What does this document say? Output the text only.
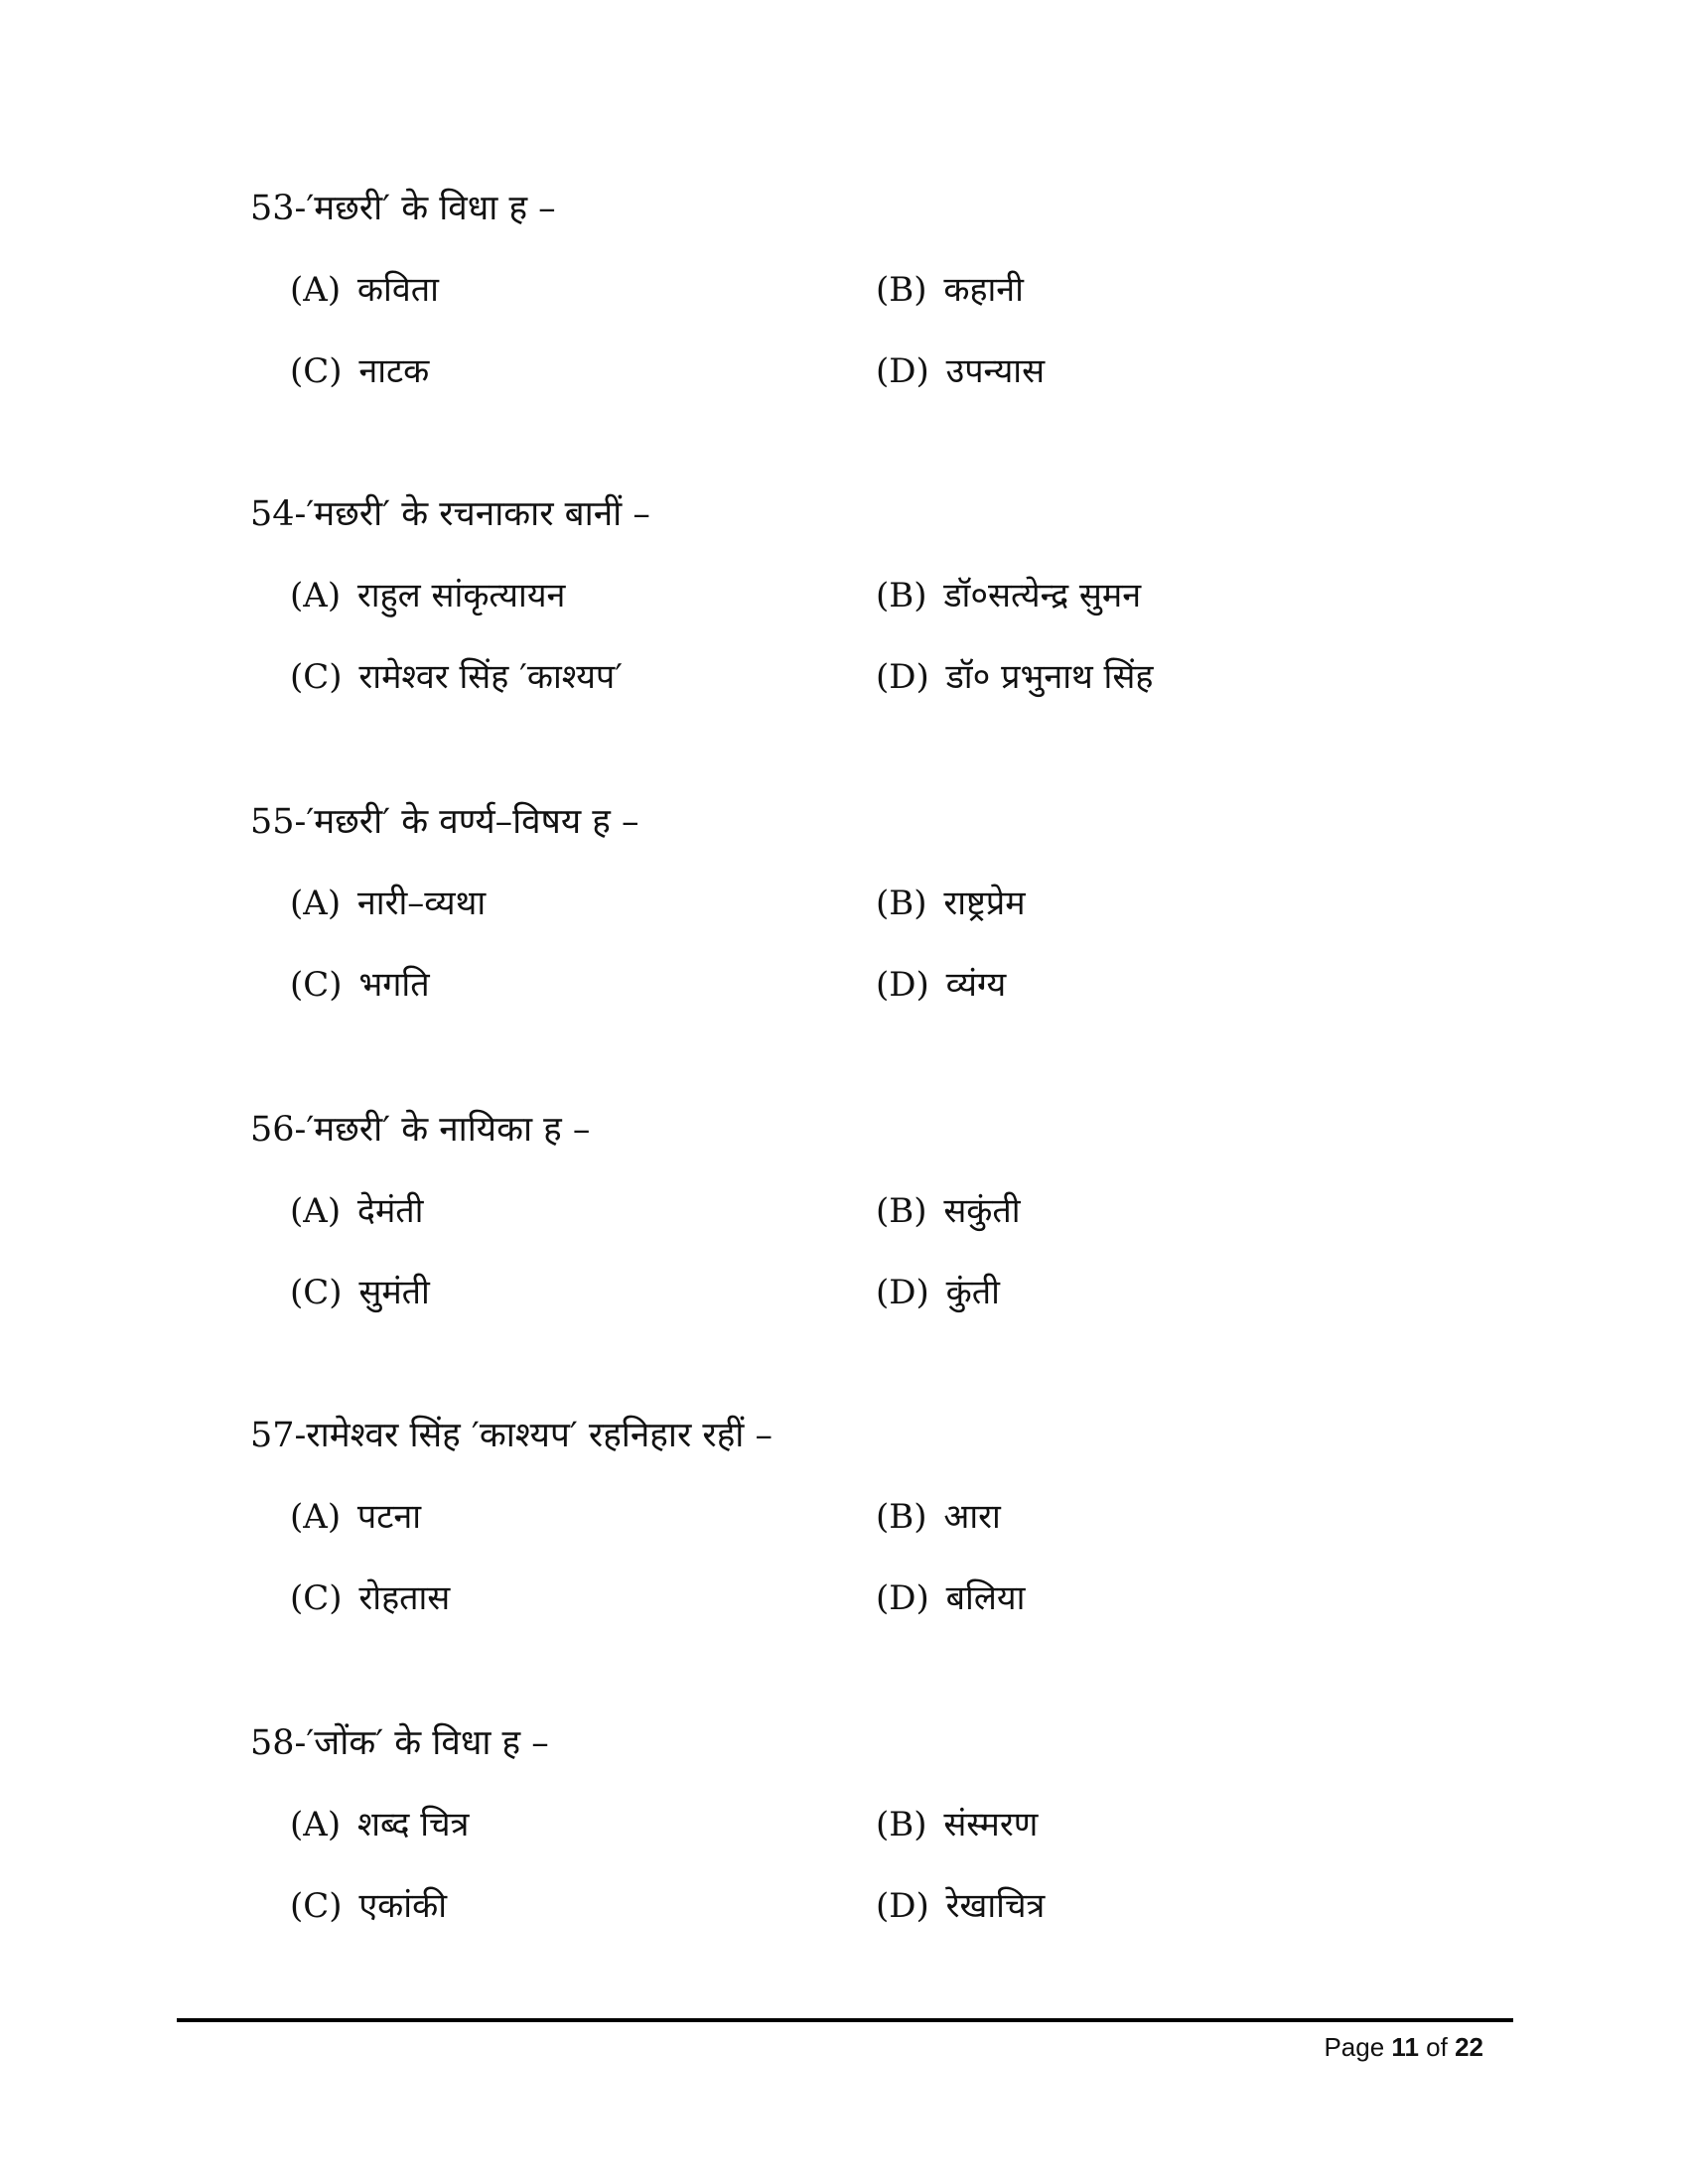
53-′मछरी′ के विधा ह –
(A) कविता	(B) कहानी
(C) नाटक	(D) उपन्यास
54-′मछरी′ के रचनाकार बानीं –
(A) राहुल सांकृत्यायन	(B) डॉ०सत्येन्द्र सुमन
(C) रामेश्वर सिंह ′काश्यप′	(D) डॉ० प्रभुनाथ सिंह
55-′मछरी′ के वर्ण्य–विषय ह –
(A) नारी–व्यथा	(B) राष्ट्रप्रेम
(C) भगति	(D) व्यंग्य
56-′मछरी′ के नायिका ह –
(A) देमंती	(B) सकुंती
(C) सुमंती	(D) कुंती
57-रामेश्वर सिंह ′काश्यप′ रहनिहार रहीं –
(A) पटना	(B) आरा
(C) रोहतास	(D) बलिया
58-′जोंक′ के विधा ह –
(A) शब्द चित्र	(B) संस्मरण
(C) एकांकी	(D) रेखाचित्र
Page 11 of 22
